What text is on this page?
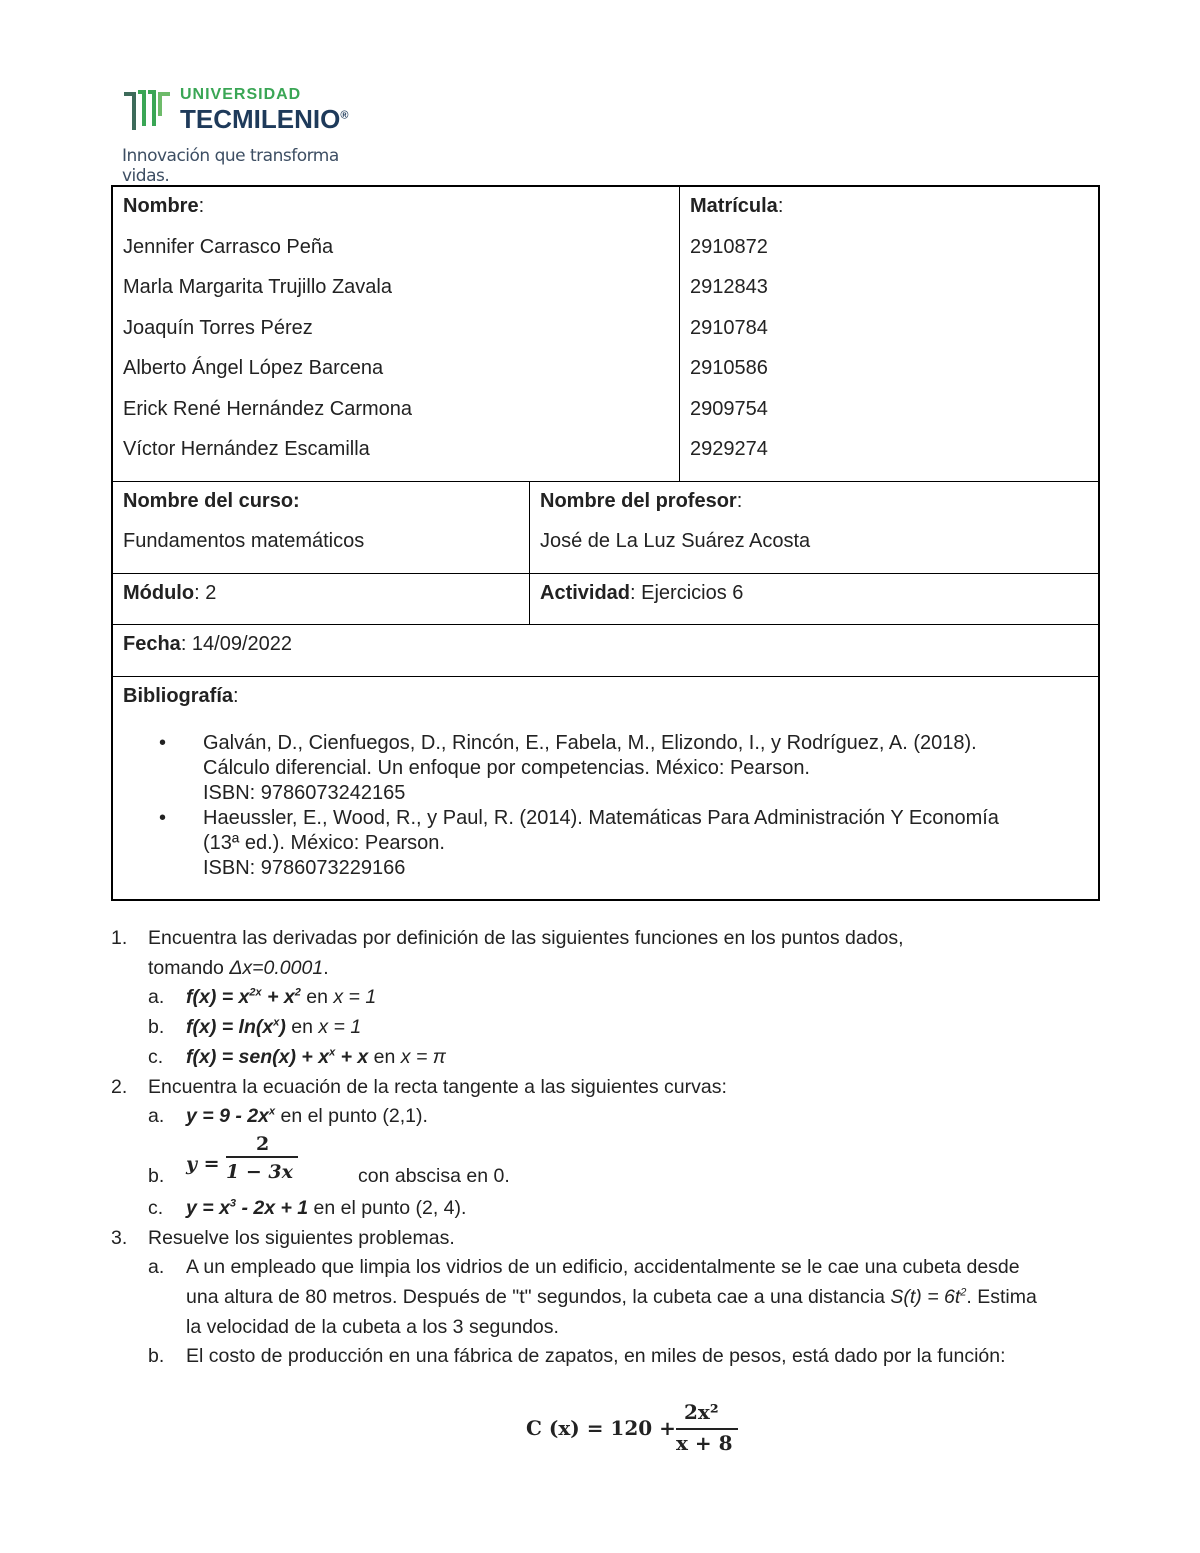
UNIVERSIDAD
TECMILENIO®
Innovación que transforma vidas.
Nombre:
Jennifer Carrasco Peña
Marla Margarita Trujillo Zavala
Joaquín Torres Pérez
Alberto Ángel López Barcena
Erick René Hernández Carmona
Víctor Hernández Escamilla
Matrícula:
2910872
2912843
2910784
2910586
2909754
2929274
Nombre del curso:
Fundamentos matemáticos
Nombre del profesor:
José de La Luz Suárez Acosta
Módulo: 2	Actividad: Ejercicios 6
Fecha: 14/09/2022
Bibliografía:
• Galván, D., Cienfuegos, D., Rincón, E., Fabela, M., Elizondo, I., y Rodríguez, A. (2018).
Cálculo diferencial. Un enfoque por competencias. México: Pearson.
ISBN: 9786073242165
• Haeussler, E., Wood, R., y Paul, R. (2014). Matemáticas Para Administración Y Economía
(13ª ed.). México: Pearson.
ISBN: 9786073229166
1. Encuentra las derivadas por definición de las siguientes funciones en los puntos dados,
tomando Δx=0.0001.
a. $f(x) = x^{2x} + x^2$ en x = 1
b. $f(x) = \ln(x^x)$ en x = 1
c. $f(x) = sen(x) + x^x + x$ en x = π
2. Encuentra la ecuación de la recta tangente a las siguientes curvas:
a. $y = 9 - 2x^x$ en el punto (2,1).
b.
y =
2
1 − 3x	con abscisa en 0.
c. $y = x^3 - 2x + 1$ en el punto (2, 4).
3. Resuelve los siguientes problemas.
a. A un empleado que limpia los vidrios de un edificio, accidentalmente se le cae una cubeta desde
una altura de 80 metros. Después de "t" segundos, la cubeta cae a una distancia $S(t) = 6t^2$. Estima
la velocidad de la cubeta a los 3 segundos.
b. El costo de producción en una fábrica de zapatos, en miles de pesos, está dado por la función:
C (x) = 120 +
2x²
x + 8
